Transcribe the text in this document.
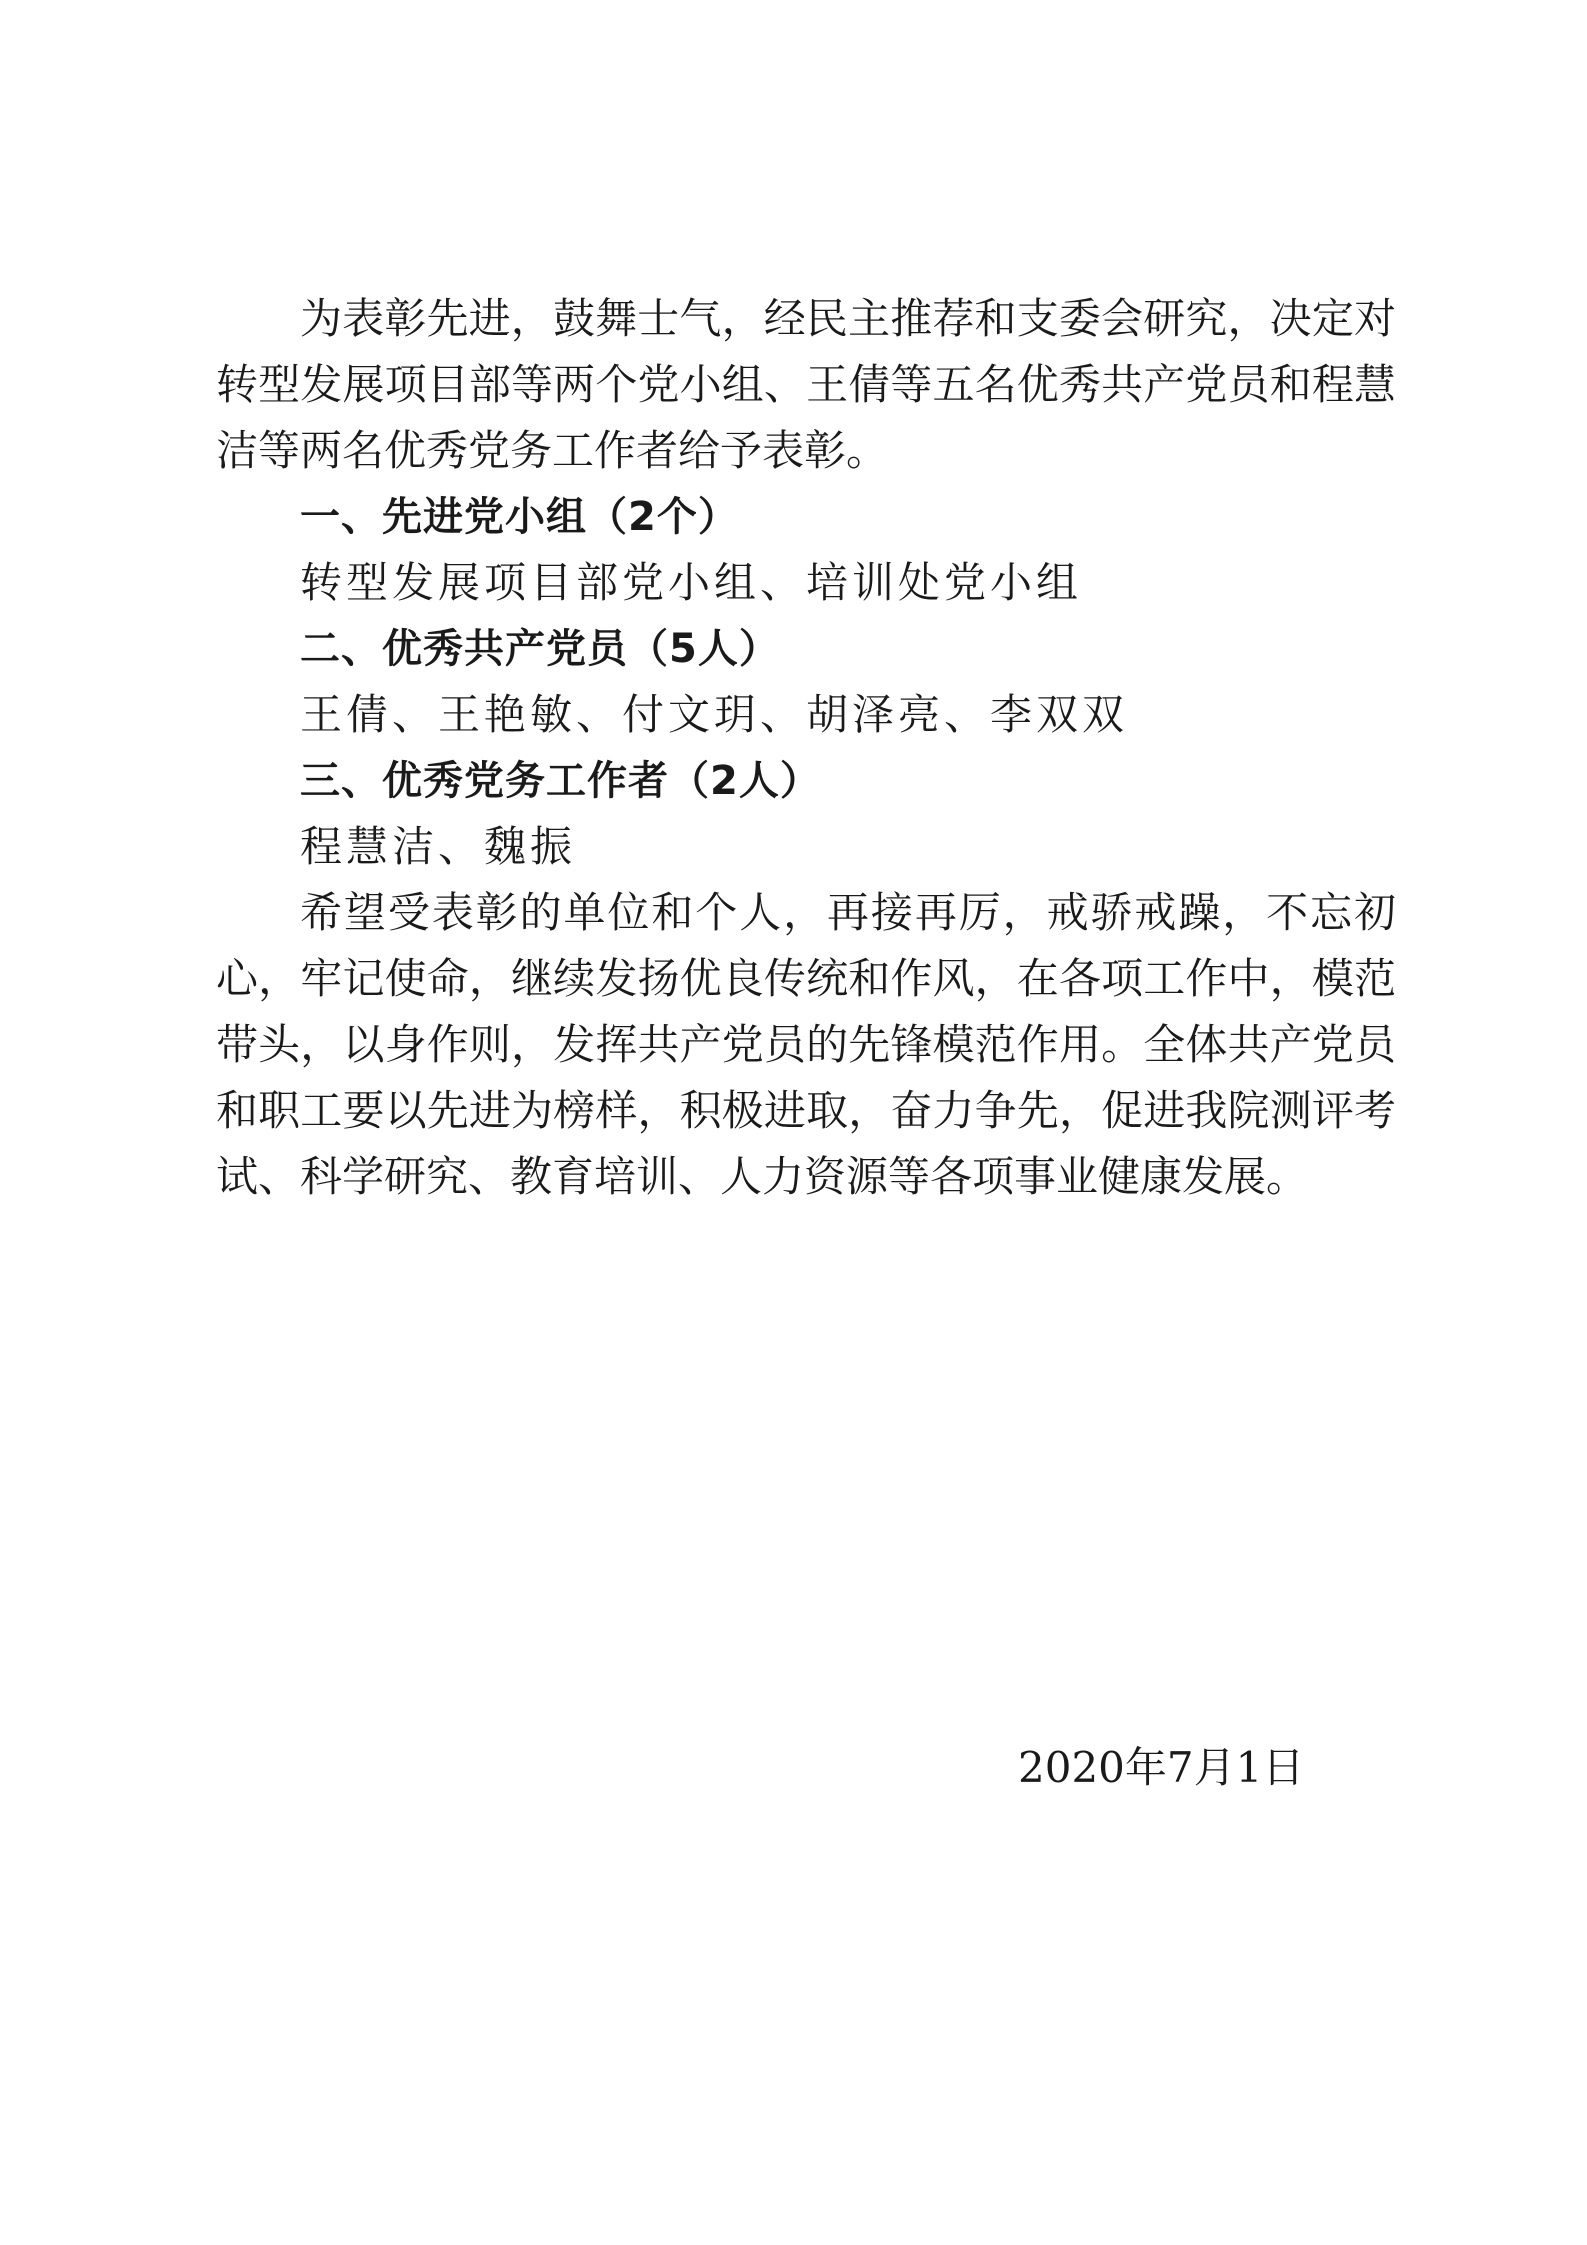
为表彰先进，鼓舞士气，经民主推荐和支委会研究，决定对转型发展项目部等两个党小组、王倩等五名优秀共产党员和程慧洁等两名优秀党务工作者给予表彰。

一、先进党小组（2个）

转型发展项目部党小组、培训处党小组

二、优秀共产党员（5人）

王倩、王艳敏、付文玥、胡泽亮、李双双

三、优秀党务工作者（2人）

程慧洁、魏振

希望受表彰的单位和个人，再接再厉，戒骄戒躁，不忘初心，牢记使命，继续发扬优良传统和作风，在各项工作中，模范带头，以身作则，发挥共产党员的先锋模范作用。全体共产党员和职工要以先进为榜样，积极进取，奋力争先，促进我院测评考试、科学研究、教育培训、人力资源等各项事业健康发展。

2020年7月1日
